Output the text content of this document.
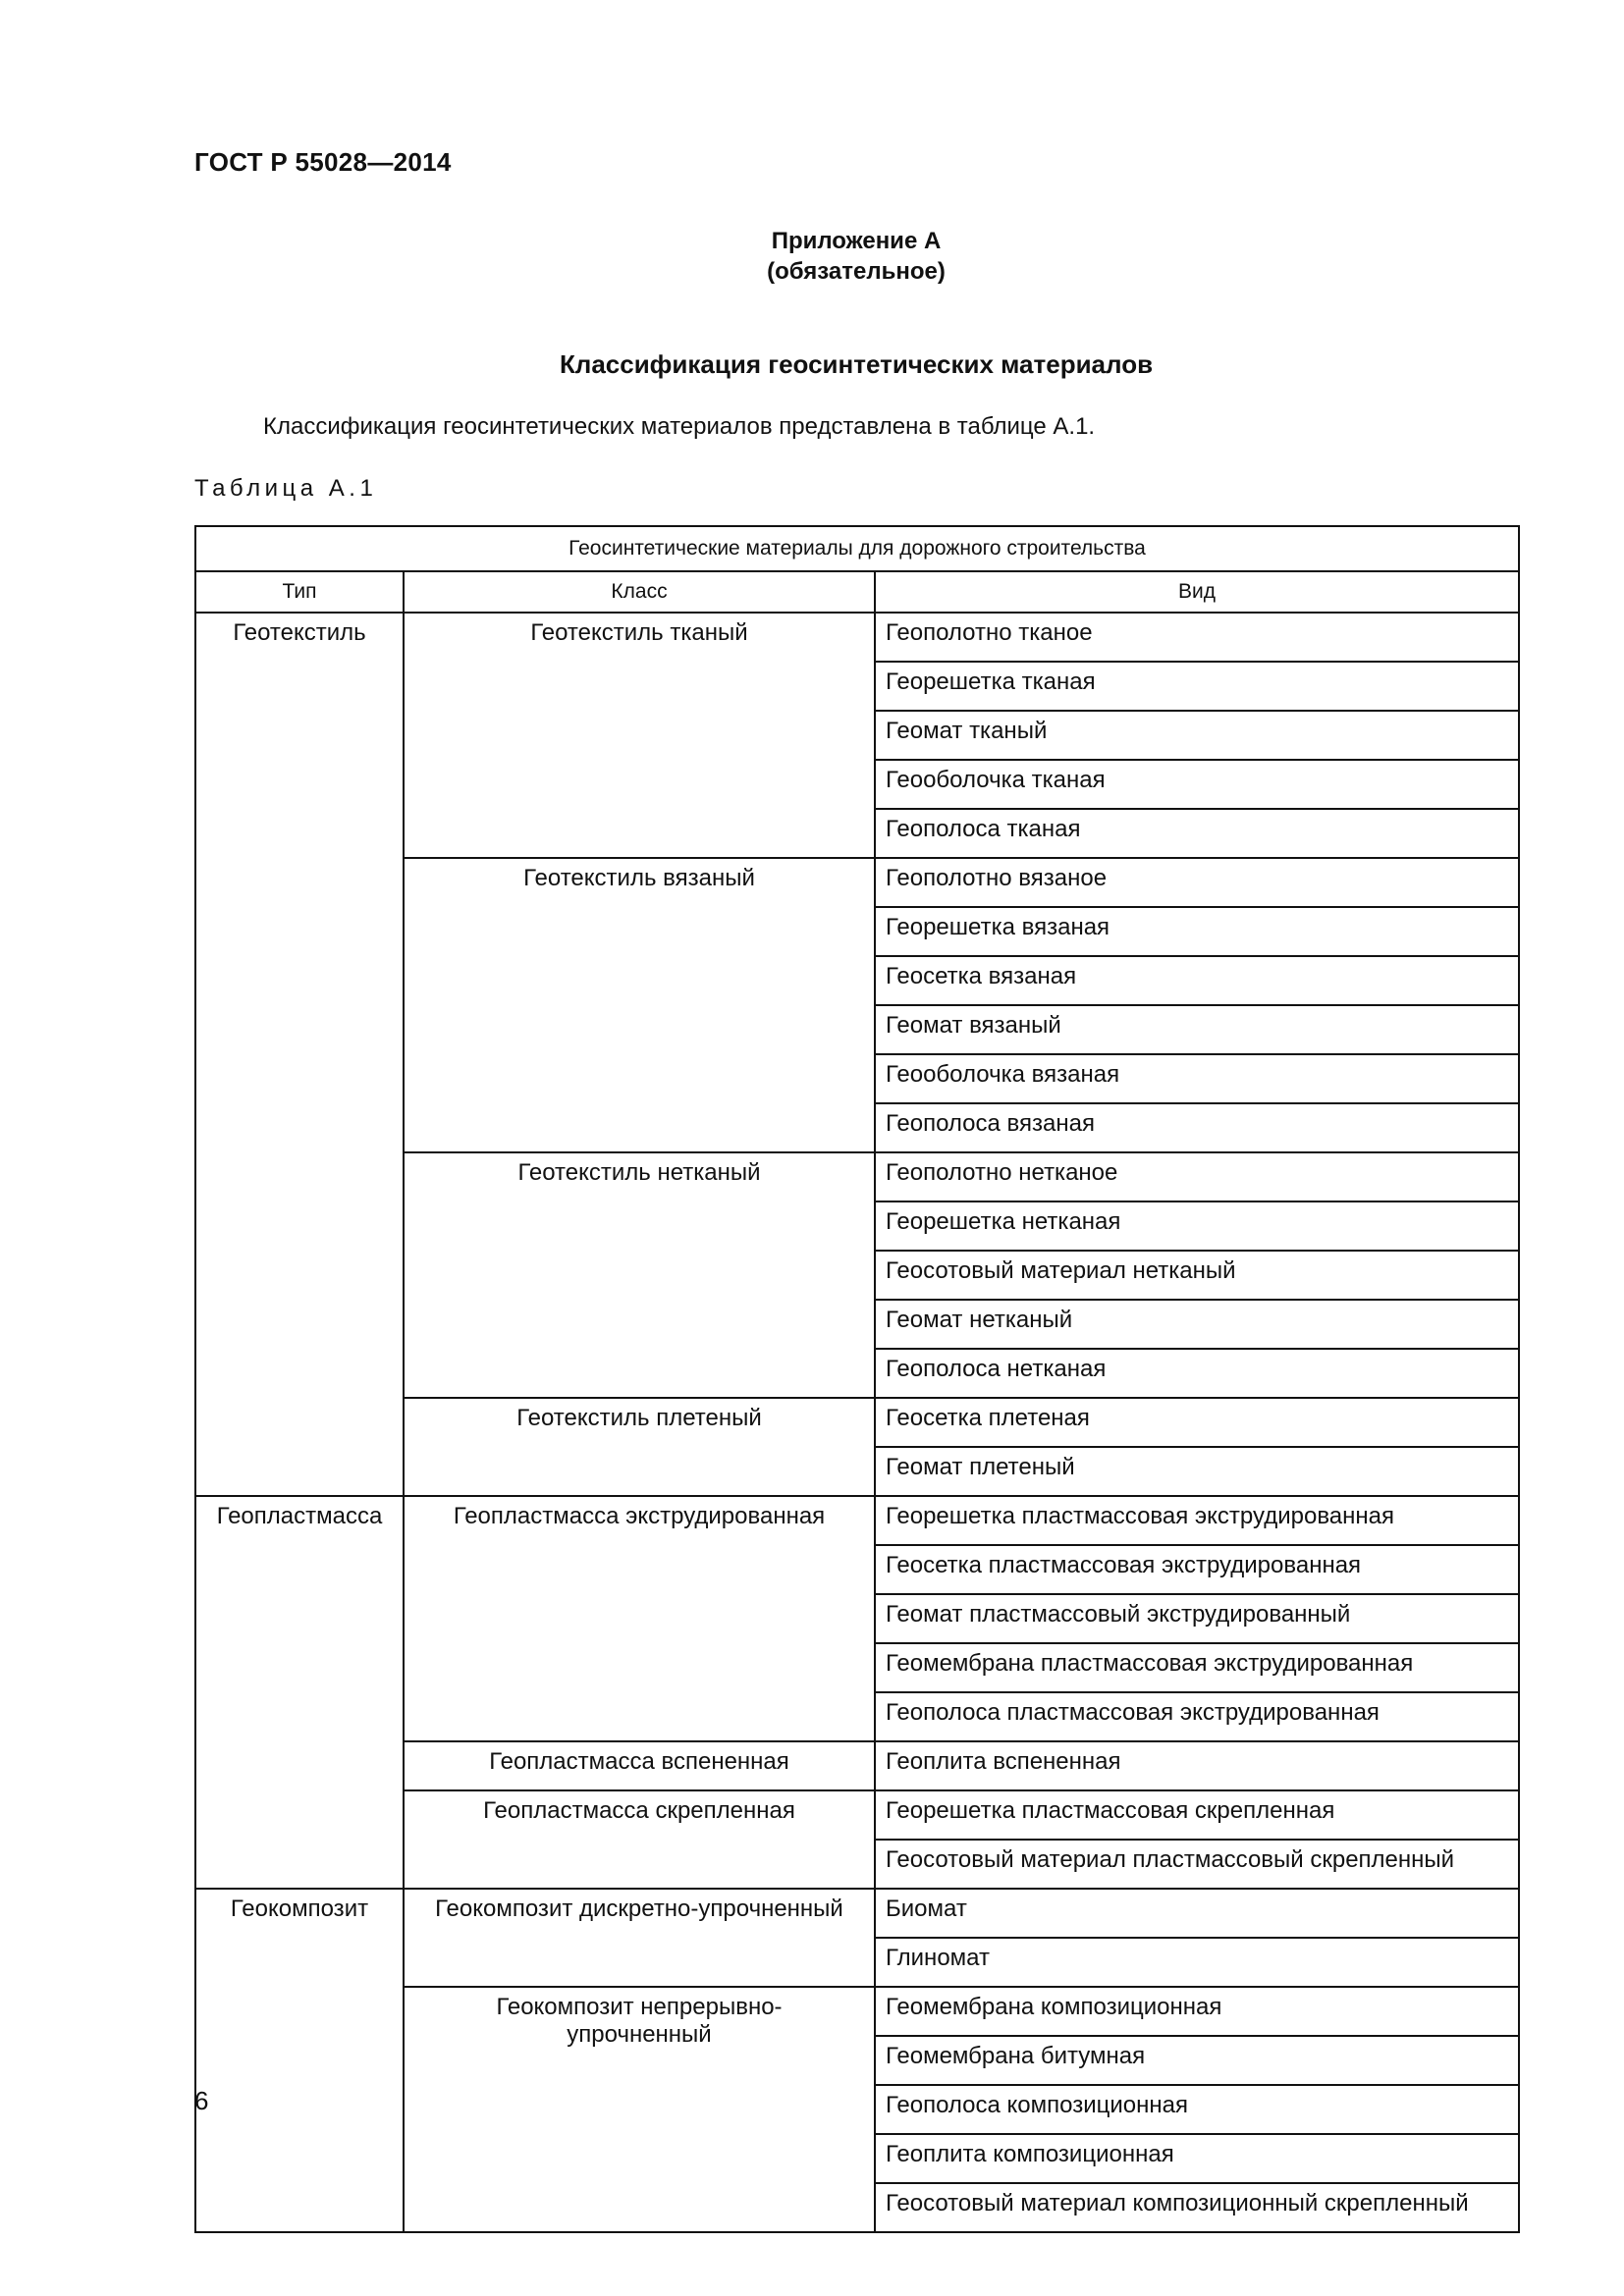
ГОСТ Р 55028—2014
Приложение А
(обязательное)
Классификация геосинтетических материалов
Классификация геосинтетических материалов представлена в таблице А.1.
Таблица А.1
Геосинтетические материалы для дорожного строительства		
Тип	Класс	Вид
Геотекстиль	Геотекстиль тканый	Геополотно тканое
		Георешетка тканая
		Геомат тканый
		Геооболочка тканая
		Геополоса тканая
	Геотекстиль вязаный	Геополотно вязаное
		Георешетка вязаная
		Геосетка вязаная
		Геомат вязаный
		Геооболочка вязаная
		Геополоса вязаная
	Геотекстиль нетканый	Геополотно нетканое
		Георешетка нетканая
		Геосотовый материал нетканый
		Геомат нетканый
		Геополоса нетканая
	Геотекстиль плетеный	Геосетка плетеная
		Геомат плетеный
Геопластмасса	Геопластмасса экструдированная	Георешетка пластмассовая экструдированная
		Геосетка пластмассовая экструдированная
		Геомат пластмассовый экструдированный
		Геомембрана пластмассовая экструдированная
		Геополоса пластмассовая экструдированная
	Геопластмасса вспененная	Геоплита вспененная
	Геопластмасса скрепленная	Георешетка пластмассовая скрепленная
		Геосотовый материал пластмассовый скрепленный
Геокомпозит	Геокомпозит дискретно-упрочненный	Биомат
		Глиномат
	Геокомпозит непрерывно-упрочненный	Геомембрана композиционная
		Геомембрана битумная
		Геополоса композиционная
		Геоплита композиционная
		Геосотовый материал композиционный скрепленный
6
